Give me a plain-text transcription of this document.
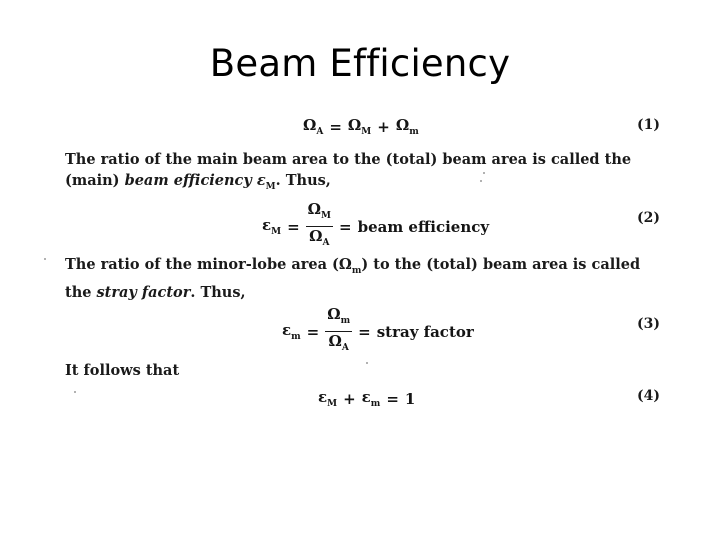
Beam Efficiency
$\Omega_A = \Omega_M + \Omega_m$	(1)
The ratio of the main beam area to the (total) beam area is called the (main) beam efficiency $\varepsilon_M$. Thus,
$\varepsilon_M = \frac{\Omega_M}{\Omega_A}$ = beam efficiency	(2)
The ratio of the minor-lobe area $(\Omega_m)$ to the (total) beam area is called the stray factor. Thus,
$\varepsilon_m = \frac{\Omega_m}{\Omega_A}$ = stray factor	(3)
It follows that
$\varepsilon_M + \varepsilon_m = 1$	(4)
